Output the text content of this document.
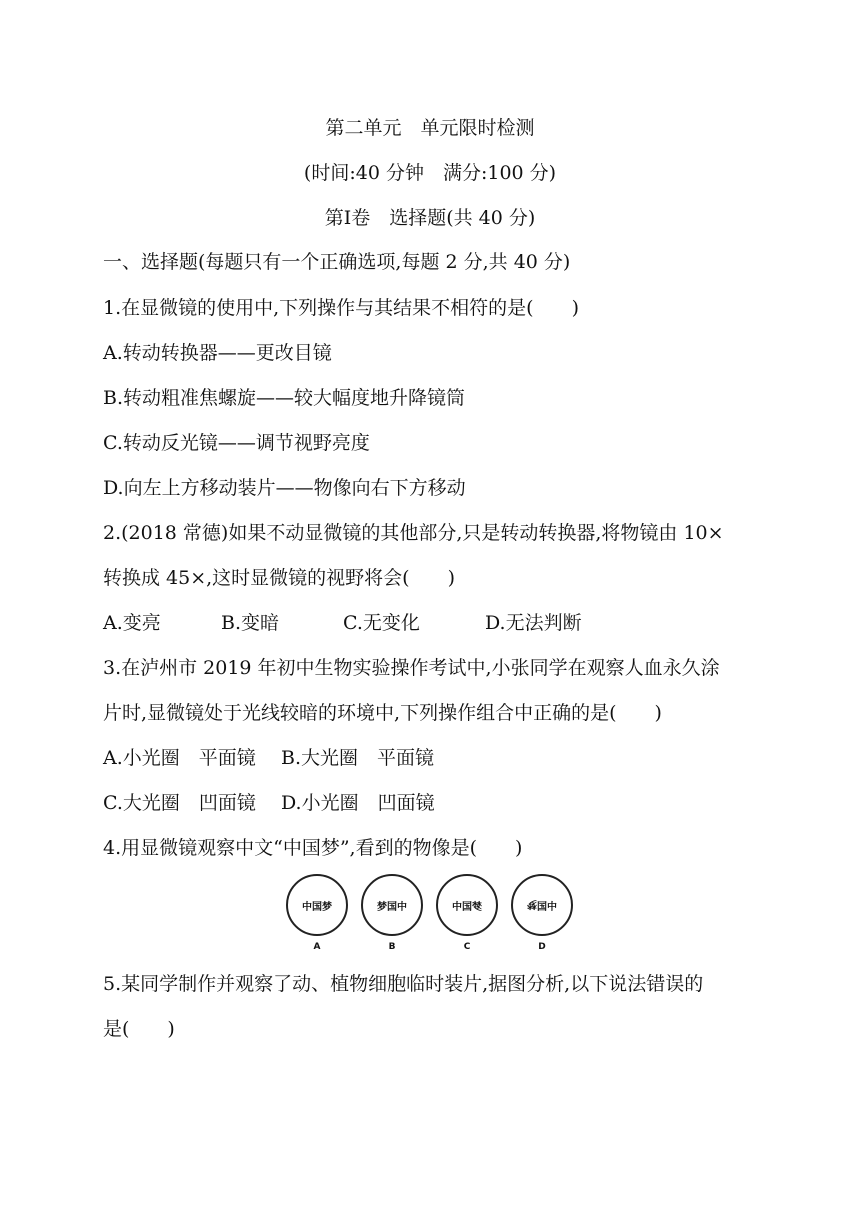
第二单元　单元限时检测
(时间:40 分钟　满分:100 分)
第Ⅰ卷　选择题(共 40 分)
一、选择题(每题只有一个正确选项,每题 2 分,共 40 分)
1.在显微镜的使用中,下列操作与其结果不相符的是(　　)
A.转动转换器——更改目镜
B.转动粗准焦螺旋——较大幅度地升降镜筒
C.转动反光镜——调节视野亮度
D.向左上方移动装片——物像向右下方移动
2.(2018 常德)如果不动显微镜的其他部分,只是转动转换器,将物镜由 10×
转换成 45×,这时显微镜的视野将会(　　)
A.变亮	B.变暗	C.无变化	D.无法判断
3.在泸州市 2019 年初中生物实验操作考试中,小张同学在观察人血永久涂
片时,显微镜处于光线较暗的环境中,下列操作组合中正确的是(　　)
A.小光圈　平面镜 B.大光圈　平面镜
C.大光圈　凹面镜 D.小光圈　凹面镜
4.用显微镜观察中文“中国梦”,看到的物像是(　　)
中国梦	梦国中	中国 梦	梦 国中
A	B	C	D
5.某同学制作并观察了动、植物细胞临时装片,据图分析,以下说法错误的
是(　　)
